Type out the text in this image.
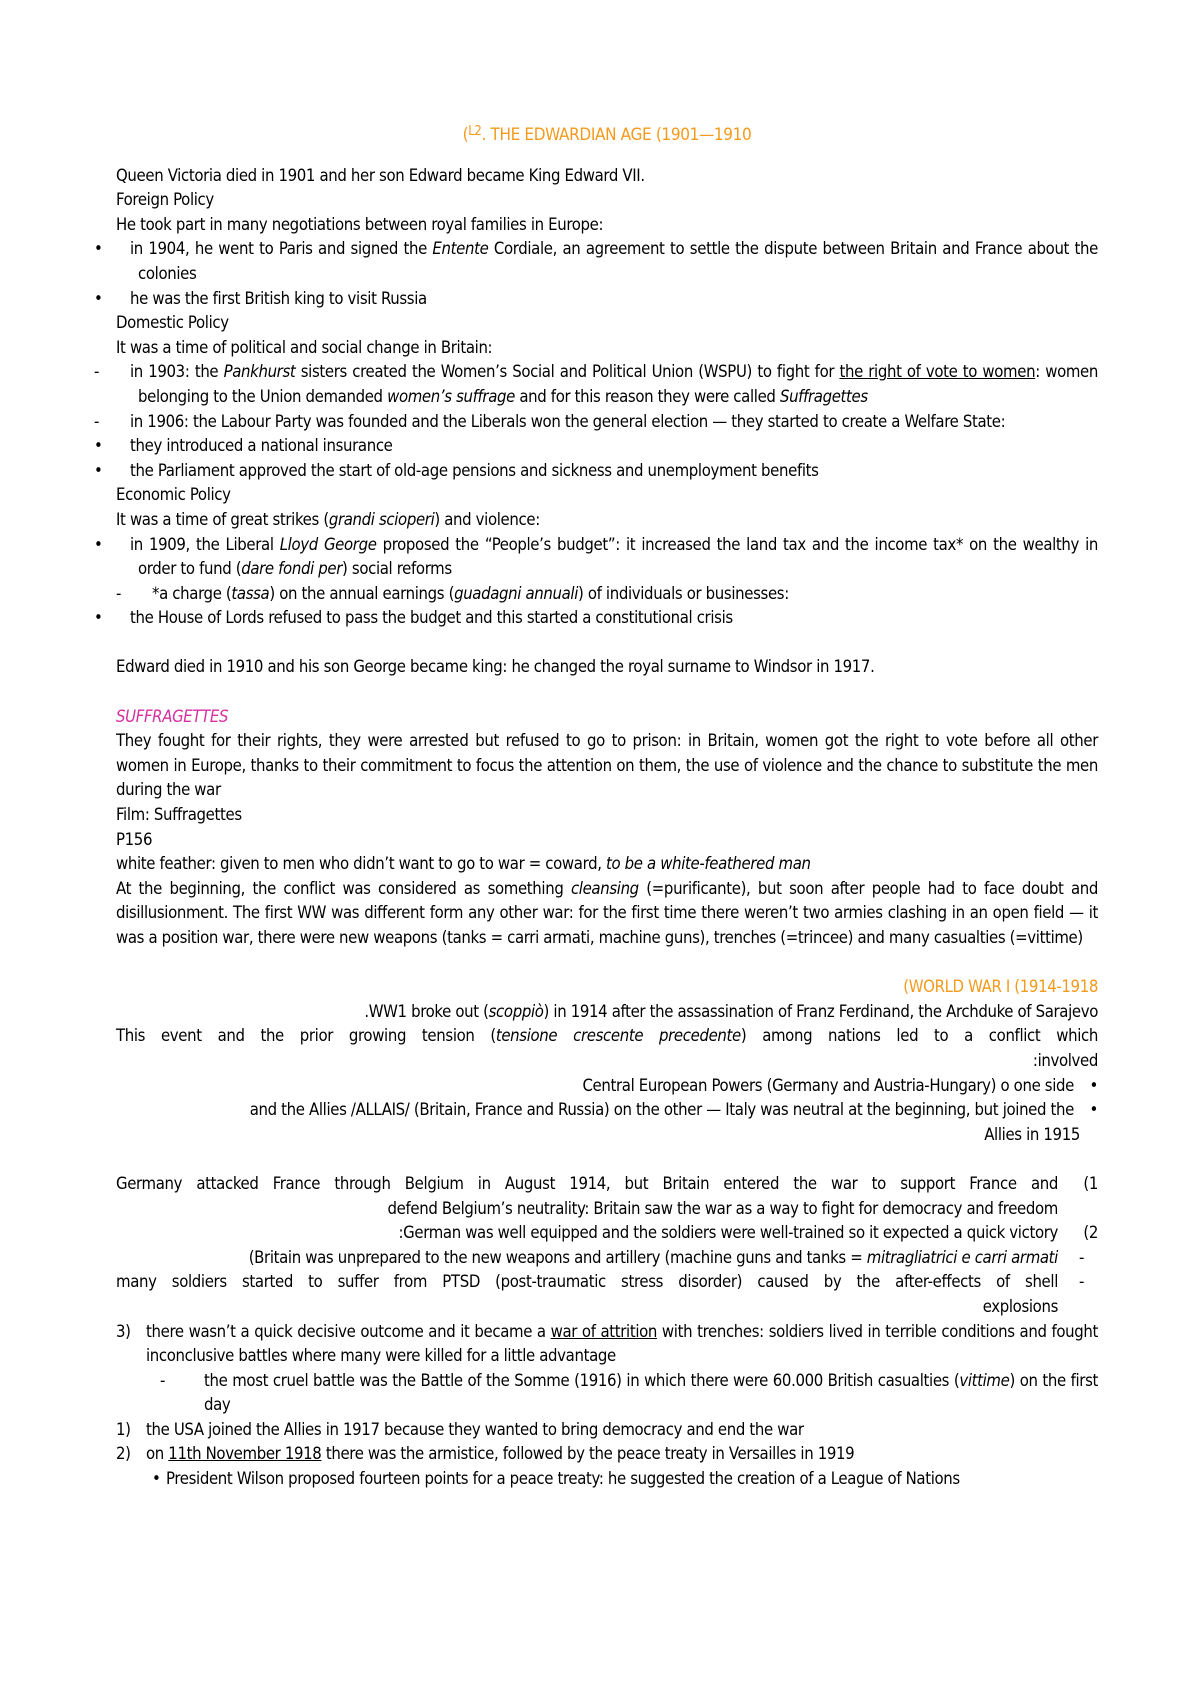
($^{L2}$. THE EDWARDIAN AGE (1901—1910
Queen Victoria died in 1901 and her son Edward became King Edward VII.
Foreign Policy
He took part in many negotiations between royal families in Europe:
• in 1904, he went to Paris and signed the Entente Cordiale, an agreement to settle the dispute between Britain and France about the colonies
• he was the first British king to visit Russia
Domestic Policy
It was a time of political and social change in Britain:
- in 1903: the Pankhurst sisters created the Women’s Social and Political Union (WSPU) to fight for the right of vote to women: women belonging to the Union demanded women’s suffrage and for this reason they were called Suffragettes
- in 1906: the Labour Party was founded and the Liberals won the general election — they started to create a Welfare State:
• they introduced a national insurance
• the Parliament approved the start of old-age pensions and sickness and unemployment benefits
Economic Policy
It was a time of great strikes (grandi scioperi) and violence:
• in 1909, the Liberal Lloyd George proposed the “People’s budget”: it increased the land tax and the income tax* on the wealthy in order to fund (dare fondi per) social reforms
- *a charge (tassa) on the annual earnings (guadagni annuali) of individuals or businesses:
• the House of Lords refused to pass the budget and this started a constitutional crisis
Edward died in 1910 and his son George became king: he changed the royal surname to Windsor in 1917.
SUFFRAGETTES
They fought for their rights, they were arrested but refused to go to prison: in Britain, women got the right to vote before all other women in Europe, thanks to their commitment to focus the attention on them, the use of violence and the chance to substitute the men during the war
Film: Suffragettes
P156
white feather: given to men who didn’t want to go to war = coward, to be a white-feathered man
At the beginning, the conflict was considered as something cleansing (=purificante), but soon after people had to face doubt and disillusionment. The first WW was different form any other war: for the first time there weren’t two armies clashing in an open field — it was a position war, there were new weapons (tanks = carri armati, machine guns), trenches (=trincee) and many casualties (=vittime)
(WORLD WAR I (1914-1918
.WW1 broke out (scoppiò) in 1914 after the assassination of Franz Ferdinand, the Archduke of Sarajevo
This event and the prior growing tension (tensione crescente precedente) among nations led to a conflict which
:involved
Central European Powers (Germany and Austria-Hungary) o one side •
and the Allies /ALLAIS/ (Britain, France and Russia) on the other — Italy was neutral at the beginning, but joined the •
Allies in 1915
Germany attacked France through Belgium in August 1914, but Britain entered the war to support France and
defend Belgium’s neutrality: Britain saw the war as a way to fight for democracy and freedom
(1
:German was well equipped and the soldiers were well-trained so it expected a quick victory	(2
(Britain was unprepared to the new weapons and artillery (machine guns and tanks = mitragliatrici e carri armati	-
many soldiers started to suffer from PTSD (post-traumatic stress disorder) caused by the after-effects of shell
explosions
-
3) there wasn’t a quick decisive outcome and it became a war of attrition with trenches: soldiers lived in terrible conditions and fought inconclusive battles where many were killed for a little advantage
- the most cruel battle was the Battle of the Somme (1916) in which there were 60.000 British casualties (vittime) on the first day
1) the USA joined the Allies in 1917 because they wanted to bring democracy and end the war
2) on 11th November 1918 there was the armistice, followed by the peace treaty in Versailles in 1919
• President Wilson proposed fourteen points for a peace treaty: he suggested the creation of a League of Nations
